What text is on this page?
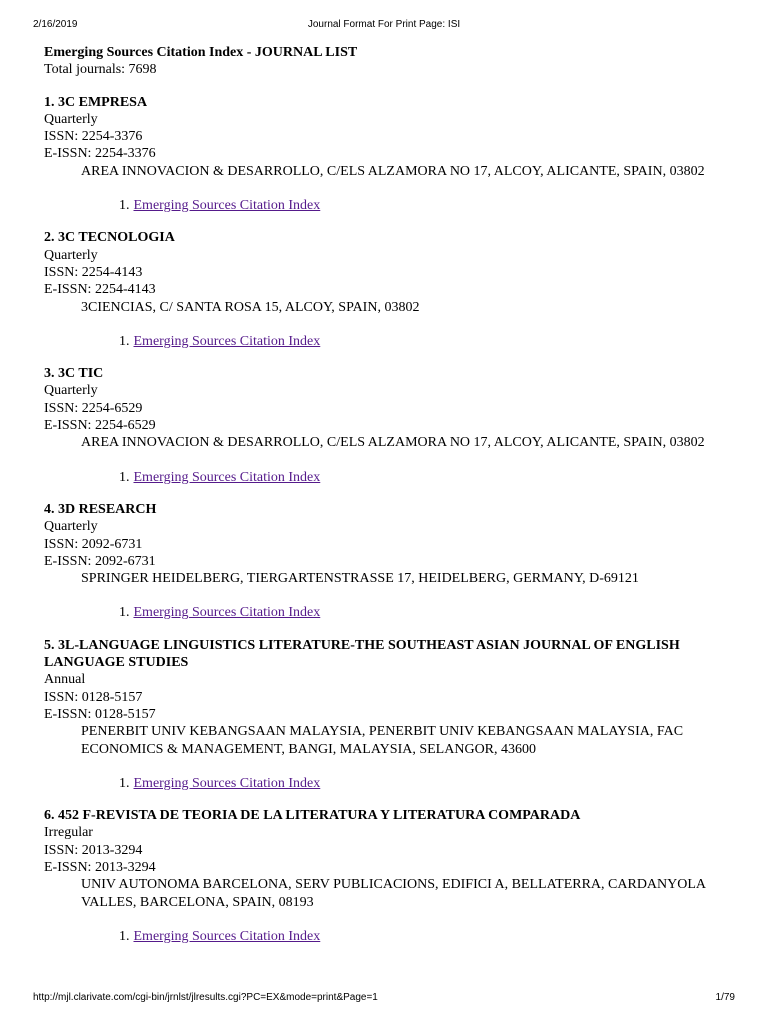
2/16/2019	Journal Format For Print Page: ISI
Emerging Sources Citation Index - JOURNAL LIST
Total journals: 7698
1. 3C EMPRESA
Quarterly
ISSN: 2254-3376
E-ISSN: 2254-3376
AREA INNOVACION & DESARROLLO, C/ELS ALZAMORA NO 17, ALCOY, ALICANTE, SPAIN, 03802
1. Emerging Sources Citation Index
2. 3C TECNOLOGIA
Quarterly
ISSN: 2254-4143
E-ISSN: 2254-4143
3CIENCIAS, C/ SANTA ROSA 15, ALCOY, SPAIN, 03802
1. Emerging Sources Citation Index
3. 3C TIC
Quarterly
ISSN: 2254-6529
E-ISSN: 2254-6529
AREA INNOVACION & DESARROLLO, C/ELS ALZAMORA NO 17, ALCOY, ALICANTE, SPAIN, 03802
1. Emerging Sources Citation Index
4. 3D RESEARCH
Quarterly
ISSN: 2092-6731
E-ISSN: 2092-6731
SPRINGER HEIDELBERG, TIERGARTENSTRASSE 17, HEIDELBERG, GERMANY, D-69121
1. Emerging Sources Citation Index
5. 3L-LANGUAGE LINGUISTICS LITERATURE-THE SOUTHEAST ASIAN JOURNAL OF ENGLISH LANGUAGE STUDIES
Annual
ISSN: 0128-5157
E-ISSN: 0128-5157
PENERBIT UNIV KEBANGSAAN MALAYSIA, PENERBIT UNIV KEBANGSAAN MALAYSIA, FAC ECONOMICS & MANAGEMENT, BANGI, MALAYSIA, SELANGOR, 43600
1. Emerging Sources Citation Index
6. 452 F-REVISTA DE TEORIA DE LA LITERATURA Y LITERATURA COMPARADA
Irregular
ISSN: 2013-3294
E-ISSN: 2013-3294
UNIV AUTONOMA BARCELONA, SERV PUBLICACIONS, EDIFICI A, BELLATERRA, CARDANYOLA VALLES, BARCELONA, SPAIN, 08193
1. Emerging Sources Citation Index
http://mjl.clarivate.com/cgi-bin/jrnlst/jlresults.cgi?PC=EX&mode=print&Page=1	1/79
